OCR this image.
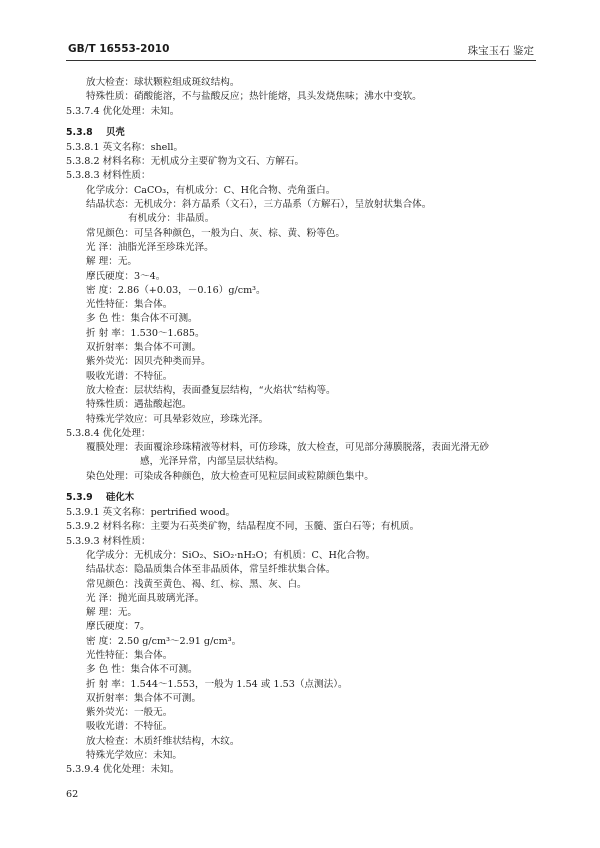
GB/T 16553-2010	珠宝玉石 鉴定
放大检查：球状颗粒组成斑纹结构。
特殊性质：硝酸能溶，不与盐酸反应；热针能熔，具头发烧焦味；沸水中变软。
5.3.7.4 优化处理：未知。
5.3.8 贝壳
5.3.8.1 英文名称：shell。
5.3.8.2 材料名称：无机成分主要矿物为文石、方解石。
5.3.8.3 材料性质：
化学成分：CaCO₃，有机成分：C、H化合物、壳角蛋白。
结晶状态：无机成分：斜方晶系（文石），三方晶系（方解石），呈放射状集合体。
有机成分：非晶质。
常见颜色：可呈各种颜色，一般为白、灰、棕、黄、粉等色。
光 泽：油脂光泽至珍珠光泽。
解 理：无。
摩氏硬度：3～4。
密 度：2.86（+0.03，－0.16）g/cm³。
光性特征：集合体。
多 色 性：集合体不可测。
折 射 率：1.530～1.685。
双折射率：集合体不可测。
紫外荧光：因贝壳种类而异。
吸收光谱：不特征。
放大检查：层状结构，表面叠复层结构，“火焰状”结构等。
特殊性质：遇盐酸起泡。
特殊光学效应：可具晕彩效应，珍珠光泽。
5.3.8.4 优化处理：
覆膜处理：表面覆涂珍珠精液等材料，可仿珍珠，放大检查，可见部分薄膜脱落，表面光滑无砂
感，光泽异常，内部呈层状结构。
染色处理：可染成各种颜色，放大检查可见粒层间或粒隙颜色集中。
5.3.9 硅化木
5.3.9.1 英文名称：pertrified wood。
5.3.9.2 材料名称：主要为石英类矿物，结晶程度不同，玉髓、蛋白石等；有机质。
5.3.9.3 材料性质：
化学成分：无机成分：SiO₂、SiO₂·nH₂O；有机质：C、H化合物。
结晶状态：隐晶质集合体至非晶质体，常呈纤维状集合体。
常见颜色：浅黄至黄色、褐、红、棕、黑、灰、白。
光 泽：抛光面具玻璃光泽。
解 理：无。
摩氏硬度：7。
密 度：2.50 g/cm³～2.91 g/cm³。
光性特征：集合体。
多 色 性：集合体不可测。
折 射 率：1.544～1.553，一般为 1.54 或 1.53（点测法）。
双折射率：集合体不可测。
紫外荧光：一般无。
吸收光谱：不特征。
放大检查：木质纤维状结构，木纹。
特殊光学效应：未知。
5.3.9.4 优化处理：未知。
62
